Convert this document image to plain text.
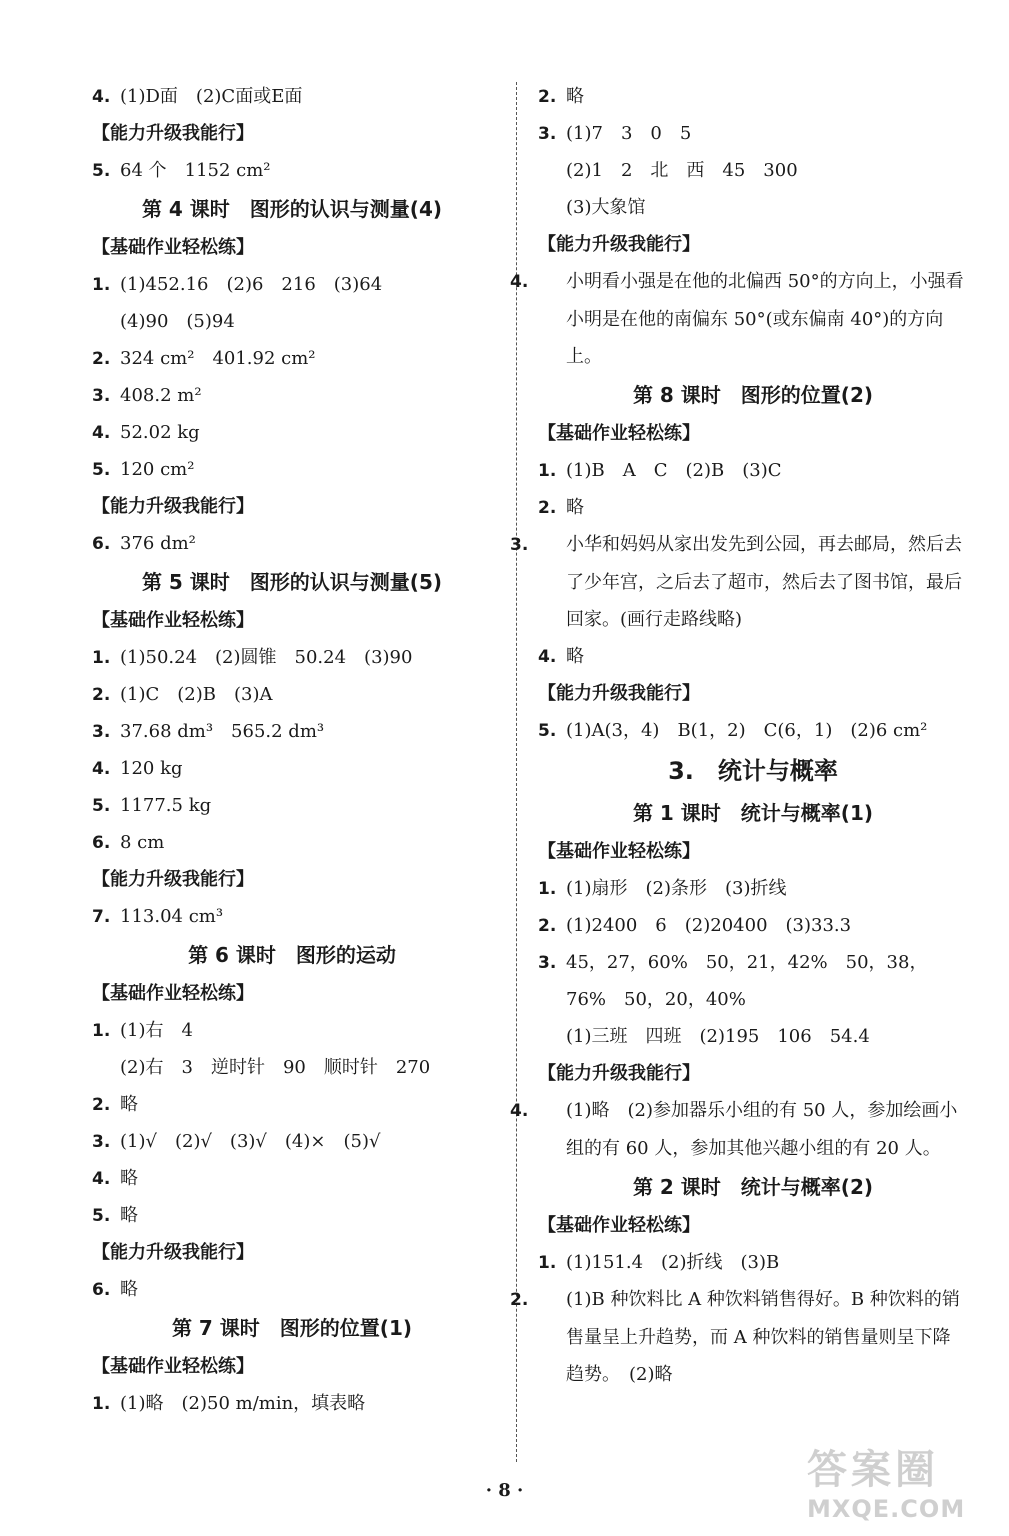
4. (1)D面　(2)C面或E面
【能力升级我能行】
5. 64 个　1152 cm²
第 4 课时　图形的认识与测量(4)
【基础作业轻松练】
1. (1)452.16　(2)6　216　(3)64
(4)90　(5)94
2. 324 cm²　401.92 cm²
3. 408.2 m²
4. 52.02 kg
5. 120 cm²
【能力升级我能行】
6. 376 dm²
第 5 课时　图形的认识与测量(5)
【基础作业轻松练】
1. (1)50.24　(2)圆锥　50.24　(3)90
2. (1)C　(2)B　(3)A
3. 37.68 dm³　565.2 dm³
4. 120 kg
5. 1177.5 kg
6. 8 cm
【能力升级我能行】
7. 113.04 cm³
第 6 课时　图形的运动
【基础作业轻松练】
1. (1)右　4
(2)右　3　逆时针　90　顺时针　270
2. 略
3. (1)√　(2)√　(3)√　(4)×　(5)√
4. 略
5. 略
【能力升级我能行】
6. 略
第 7 课时　图形的位置(1)
【基础作业轻松练】
1. (1)略　(2)50 m/min，填表略
2. 略
3. (1)7　3　0　5
(2)1　2　北　西　45　300
(3)大象馆
【能力升级我能行】
4. 小明看小强是在他的北偏西 50°的方向上，小强看小明是在他的南偏东 50°(或东偏南 40°)的方向上。
第 8 课时　图形的位置(2)
【基础作业轻松练】
1. (1)B　A　C　(2)B　(3)C
2. 略
3. 小华和妈妈从家出发先到公园，再去邮局，然后去了少年宫，之后去了超市，然后去了图书馆，最后回家。(画行走路线略)
4. 略
【能力升级我能行】
5. (1)A(3，4)　B(1，2)　C(6，1)　(2)6 cm²
3.　统计与概率
第 1 课时　统计与概率(1)
【基础作业轻松练】
1. (1)扇形　(2)条形　(3)折线
2. (1)2400　6　(2)20400　(3)33.3
3. 45，27，60%　50，21，42%　50，38，
76%　50，20，40%
(1)三班　四班　(2)195　106　54.4
【能力升级我能行】
4. (1)略　(2)参加器乐小组的有 50 人，参加绘画小组的有 60 人，参加其他兴趣小组的有 20 人。
第 2 课时　统计与概率(2)
【基础作业轻松练】
1. (1)151.4　(2)折线　(3)B
2. (1)B 种饮料比 A 种饮料销售得好。B 种饮料的销售量呈上升趋势，而 A 种饮料的销售量则呈下降趋势。　(2)略
· 8 ·	答案圈
MXQE.COM
